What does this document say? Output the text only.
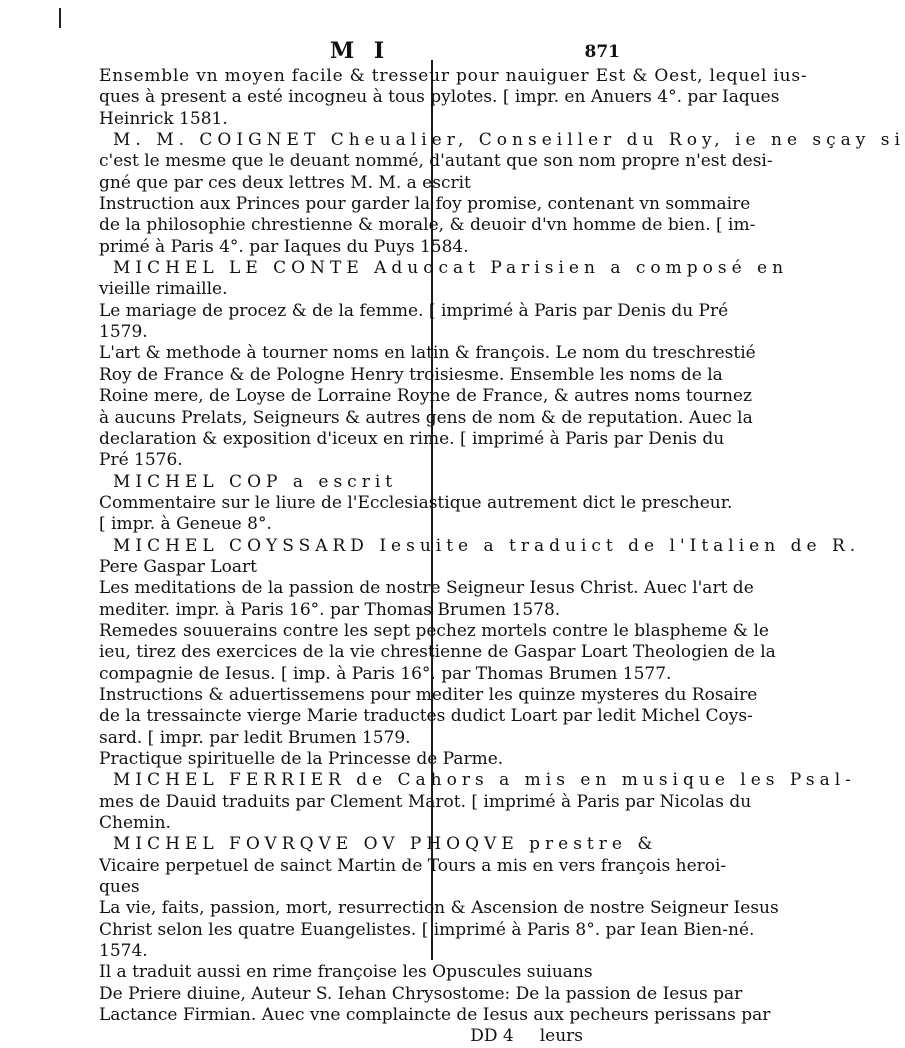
M I	871
Ensemble vn moyen facile & tresseur pour nauiguer Est & Oest, lequel ius-
ques à present a esté incogneu à tous pylotes. [ impr. en Anuers 4°. par Iaques
Heinrick 1581.
M. M. COIGNET Cheualier, Conseiller du Roy, ie ne sçay si
c'est le mesme que le deuant nommé, d'autant que son nom propre n'est desi-
gné que par ces deux lettres M. M. a escrit
Instruction aux Princes pour garder la foy promise, contenant vn sommaire
de la philosophie chrestienne & morale, & deuoir d'vn homme de bien. [ im-
primé à Paris 4°. par Iaques du Puys 1584.
MICHEL LE CONTE Aduocat Parisien a composé en
vieille rimaille.
Le mariage de procez & de la femme. [ imprimé à Paris par Denis du Pré
1579.
L'art & methode à tourner noms en latin & françois. Le nom du treschrestié
Roy de France & de Pologne Henry troisiesme. Ensemble les noms de la
Roine mere, de Loyse de Lorraine Royne de France, & autres noms tournez
à aucuns Prelats, Seigneurs & autres gens de nom & de reputation. Auec la
declaration & exposition d'iceux en rime. [ imprimé à Paris par Denis du
Pré 1576.
MICHEL COP a escrit
Commentaire sur le liure de l'Ecclesiastique autrement dict le prescheur.
[ impr. à Geneue 8°.
MICHEL COYSSARD Iesuite a traduict de l'Italien de R.
Pere Gaspar Loart
Les meditations de la passion de nostre Seigneur Iesus Christ. Auec l'art de
mediter. impr. à Paris 16°. par Thomas Brumen 1578.
Remedes souuerains contre les sept pechez mortels contre le blaspheme & le
ieu, tirez des exercices de la vie chrestienne de Gaspar Loart Theologien de la
compagnie de Iesus. [ imp. à Paris 16°. par Thomas Brumen 1577.
Instructions & aduertissemens pour mediter les quinze mysteres du Rosaire
de la tressaincte vierge Marie traductes dudict Loart par ledit Michel Coys-
sard. [ impr. par ledit Brumen 1579.
Practique spirituelle de la Princesse de Parme.
MICHEL FERRIER de Cahors a mis en musique les Psal-
mes de Dauid traduits par Clement Marot. [ imprimé à Paris par Nicolas du
Chemin.
MICHEL FOVRQVE OV PHOQVE prestre &
Vicaire perpetuel de sainct Martin de Tours a mis en vers françois heroi-
ques
La vie, faits, passion, mort, resurrection & Ascension de nostre Seigneur Iesus
Christ selon les quatre Euangelistes. [ imprimé à Paris 8°. par Iean Bien-né.
1574.
Il a traduit aussi en rime françoise les Opuscules suiuans
De Priere diuine, Auteur S. Iehan Chrysostome: De la passion de Iesus par
Lactance Firmian. Auec vne complaincte de Iesus aux pecheurs perissans par
DD 4 leurs
